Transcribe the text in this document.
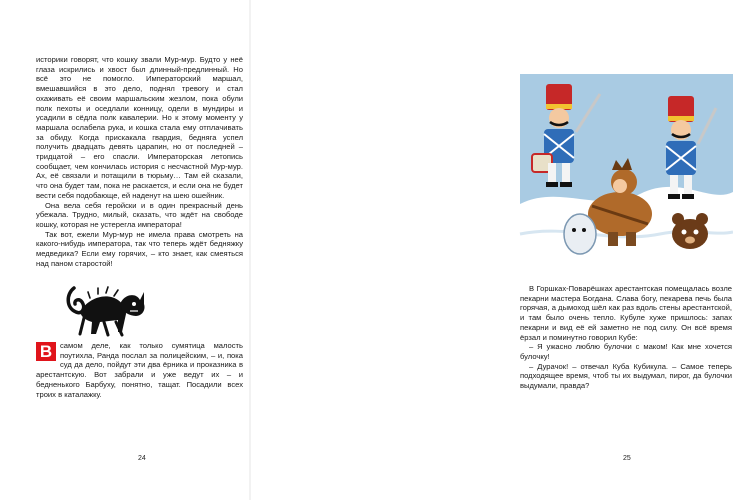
историки говорят, что кошку звали Мур-мур. Будто у неё глаза искрились и хвост был длинный-предлинный. Но всё это не помогло. Императорский маршал, вмешавшийся в это дело, поднял тревогу и стал охаживать её своим маршальским жезлом, пока обули полк пехоты и оседлали конницу, одели в мундиры и усадили в сёдла полк кавалерии. Но к этому моменту у маршала ослабела рука, и кошка стала ему отплачивать за обиду. Когда прискакала гвардия, бедняга успел получить двадцать девять царапин, но от последней – тридцатой – его спасли. Императорская летопись сообщает, чем кончилась история с несчастной Мур-мур. Ах, её связали и потащили в тюрьму… Там ей сказали, что она будет там, пока не раскается, и если она не будет вести себя подобающе, ей наденут на шею ошейник.

Она вела себя геройски и в один прекрасный день убежала. Трудно, милый, сказать, что ждёт на свободе кошку, которая не устерегла императора!

Так вот, ежели Мур-мур не имела права смотреть на какого-нибудь императора, так что теперь ждёт бедняжку медведика? Если ему горячих, – кто знает, как смеяться над паном старостой!

В	самом деле, как только сумятица малость поутихла, Ранда послал за полицейским, – и, пока суд да дело, пойдут эти два ёрника и проказника в арестантскую. Вот забрали и уже ведут их – и бедненького Барбуху, понятно, тащат. Посадили всех троих в каталажку.
24

В Горшках-Поварёшках арестантская помещалась возле пекарни мастера Богдана. Слава богу, пекарева печь была горячая, а дымоход шёл как раз вдоль стены арестантской, и там было очень тепло. Кубуле хуже пришлось: запах пекарни и вид её ей заметно не под силу. Он всё время ёрзал и поминутно говорил Кубе:

– Я ужасно люблю булочки с маком! Как мне хочется булочку!

– Дурачок! – отвечал Куба Кубикула. – Самое теперь подходящее время, чтоб ты их выдумал, пирог, да булочки выдумали, правда?

25
